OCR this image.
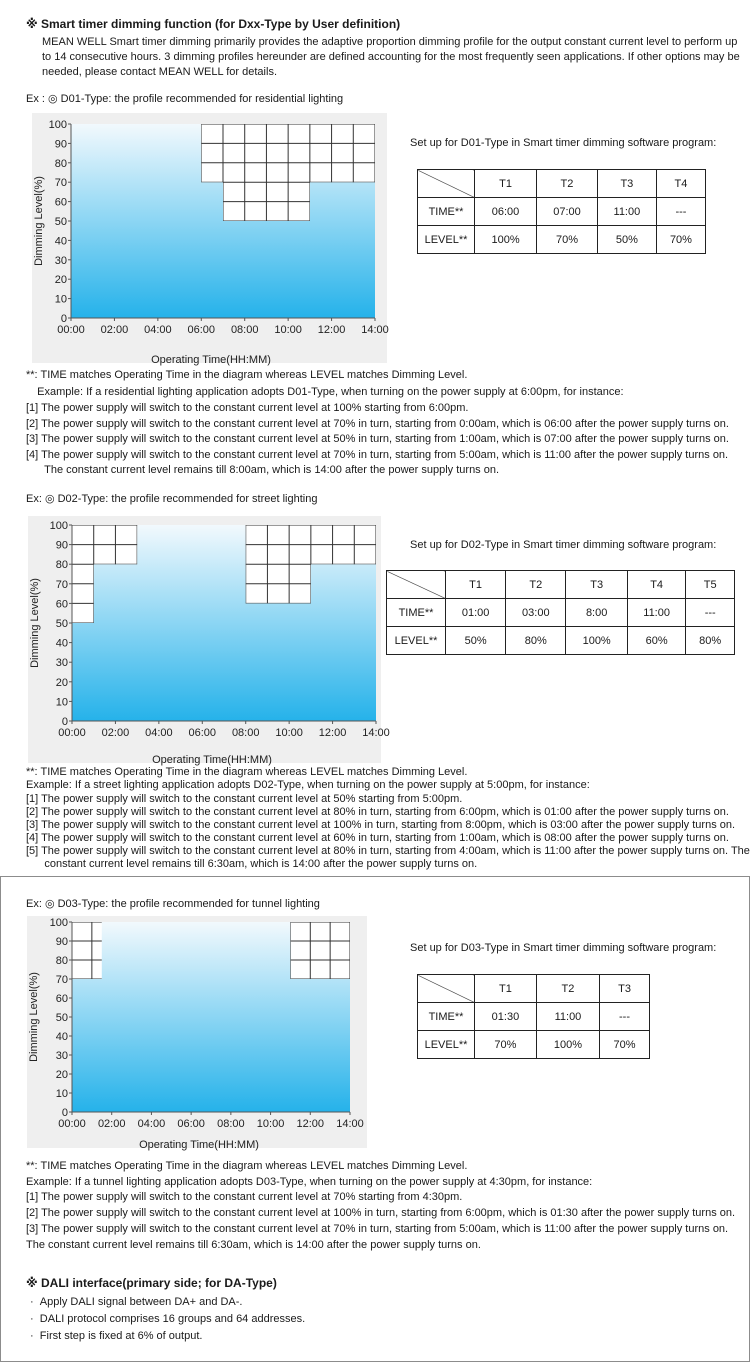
※ Smart timer dimming function (for Dxx-Type by User definition)
MEAN WELL Smart timer dimming primarily provides the adaptive proportion dimming profile for the output constant current level to perform up to 14 consecutive hours. 3 dimming profiles hereunder are defined accounting for the most frequently seen applications. If other options may be needed, please contact MEAN WELL for details.
Ex : ◎ D01-Type: the profile recommended for residential lighting
0
10
20
30
40
50
60
70
80
90
100
00:00 02:00 04:00 06:00 08:00 10:00 12:00 14:00
Dimming Level(%)
Operating Time(HH:MM)
Set up for D01-Type in Smart timer dimming software program:
	T1	T2	T3	T4
TIME**	06:00	07:00	11:00	---
LEVEL**	100%	70%	50%	70%
**: TIME matches Operating Time in the diagram whereas LEVEL matches Dimming Level.
Example: If a residential lighting application adopts D01-Type, when turning on the power supply at 6:00pm, for instance:
[1] The power supply will switch to the constant current level at 100% starting from 6:00pm.
[2] The power supply will switch to the constant current level at 70% in turn, starting from 0:00am, which is 06:00 after the power supply turns on.
[3] The power supply will switch to the constant current level at 50% in turn, starting from 1:00am, which is 07:00 after the power supply turns on.
[4] The power supply will switch to the constant current level at 70% in turn, starting from 5:00am, which is 11:00 after the power supply turns on.
The constant current level remains till 8:00am, which is 14:00 after the power supply turns on.
Ex: ◎ D02-Type: the profile recommended for street lighting
0
10
20
30
40
50
60
70
80
90
100
00:00 02:00 04:00 06:00 08:00 10:00 12:00 14:00
Dimming Level(%)
Operating Time(HH:MM)
Set up for D02-Type in Smart timer dimming software program:
	T1	T2	T3	T4	T5
TIME**	01:00	03:00	8:00	11:00	---
LEVEL**	50%	80%	100%	60%	80%
**: TIME matches Operating Time in the diagram whereas LEVEL matches Dimming Level.
Example: If a street lighting application adopts D02-Type, when turning on the power supply at 5:00pm, for instance:
[1] The power supply will switch to the constant current level at 50% starting from 5:00pm.
[2] The power supply will switch to the constant current level at 80% in turn, starting from 6:00pm, which is 01:00 after the power supply turns on.
[3] The power supply will switch to the constant current level at 100% in turn, starting from 8:00pm, which is 03:00 after the power supply turns on.
[4] The power supply will switch to the constant current level at 60% in turn, starting from 1:00am, which is 08:00 after the power supply turns on.
[5] The power supply will switch to the constant current level at 80% in turn, starting from 4:00am, which is 11:00 after the power supply turns on. The
constant current level remains till 6:30am, which is 14:00 after the power supply turns on.
Ex: ◎ D03-Type: the profile recommended for tunnel lighting
0
10
20
30
40
50
60
70
80
90
100
00:00 02:00 04:00 06:00 08:00 10:00 12:00 14:00
Dimming Level(%)
Operating Time(HH:MM)
Set up for D03-Type in Smart timer dimming software program:
	T1	T2	T3
TIME**	01:30	11:00	---
LEVEL**	70%	100%	70%
**: TIME matches Operating Time in the diagram whereas LEVEL matches Dimming Level.
Example: If a tunnel lighting application adopts D03-Type, when turning on the power supply at 4:30pm, for instance:
[1] The power supply will switch to the constant current level at 70% starting from 4:30pm.
[2] The power supply will switch to the constant current level at 100% in turn, starting from 6:00pm, which is 01:30 after the power supply turns on.
[3] The power supply will switch to the constant current level at 70% in turn, starting from 5:00am, which is 11:00 after the power supply turns on.
The constant current level remains till 6:30am, which is 14:00 after the power supply turns on.
※ DALI interface(primary side; for DA-Type)
· Apply DALI signal between DA+ and DA-.
· DALI protocol comprises 16 groups and 64 addresses.
· First step is fixed at 6% of output.
